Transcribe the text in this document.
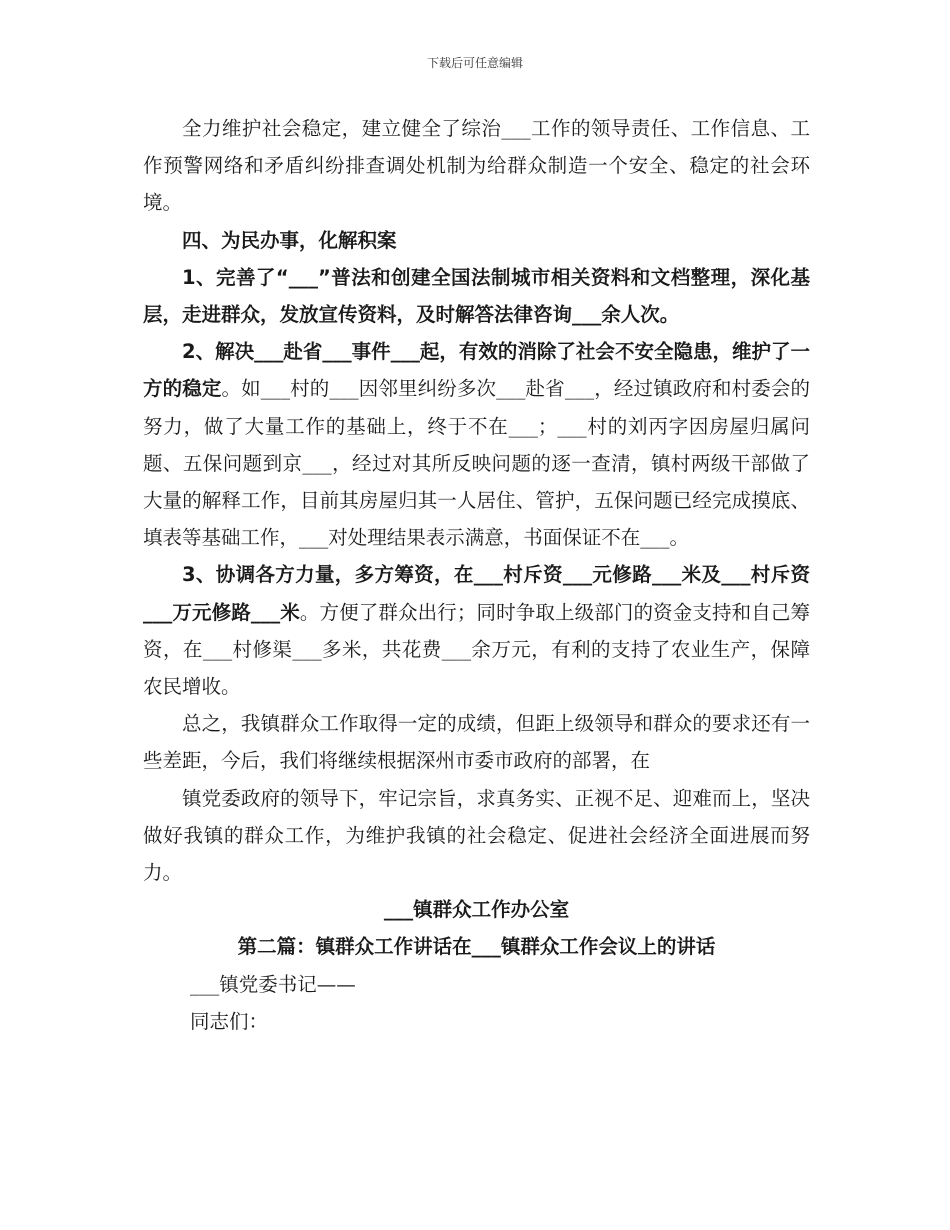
下载后可任意编辑

全力维护社会稳定，建立健全了综治___工作的领导责任、工作信息、工作预警网络和矛盾纠纷排查调处机制为给群众制造一个安全、稳定的社会环境。

四、为民办事，化解积案

1、完善了“___”普法和创建全国法制城市相关资料和文档整理，深化基层，走进群众，发放宣传资料，及时解答法律咨询___余人次。

2、解决___赴省___事件___起，有效的消除了社会不安全隐患，维护了一方的稳定。如___村的___因邻里纠纷多次___赴省___，经过镇政府和村委会的努力，做了大量工作的基础上，终于不在___；___村的刘丙字因房屋归属问题、五保问题到京___，经过对其所反映问题的逐一查清，镇村两级干部做了大量的解释工作，目前其房屋归其一人居住、管护，五保问题已经完成摸底、填表等基础工作，___对处理结果表示满意，书面保证不在___。

3、协调各方力量，多方筹资，在___村斥资___元修路___米及___村斥资___万元修路___米。方便了群众出行；同时争取上级部门的资金支持和自己筹资，在___村修渠___多米，共花费___余万元，有利的支持了农业生产，保障农民增收。

总之，我镇群众工作取得一定的成绩，但距上级领导和群众的要求还有一些差距，今后，我们将继续根据深州市委市政府的部署，在

镇党委政府的领导下，牢记宗旨，求真务实、正视不足、迎难而上，坚决做好我镇的群众工作，为维护我镇的社会稳定、促进社会经济全面进展而努力。

___镇群众工作办公室

第二篇：镇群众工作讲话在___镇群众工作会议上的讲话

___镇党委书记——

同志们：
